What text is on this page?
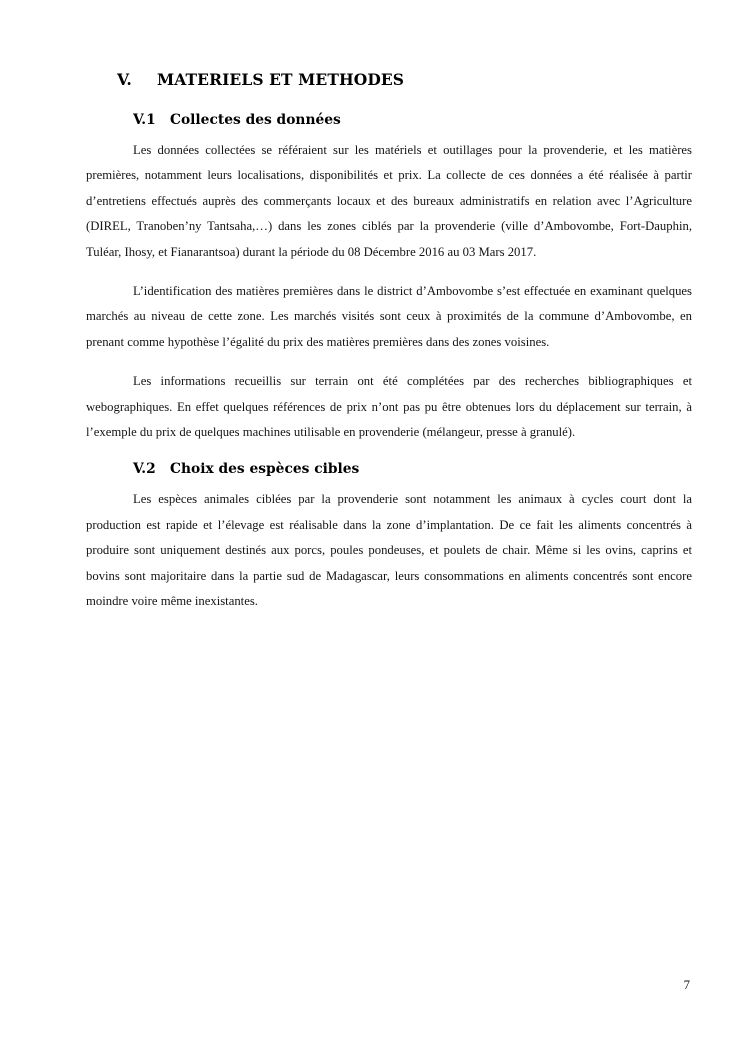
V.	MATERIELS ET METHODES
V.1	Collectes des données

Les données collectées se référaient sur les matériels et outillages pour la provenderie, et les matières premières, notamment leurs localisations, disponibilités et prix. La collecte de ces données a été réalisée à partir d’entretiens effectués auprès des commerçants locaux et des bureaux administratifs en relation avec l’Agriculture (DIREL, Tranoben’ny Tantsaha,…) dans les zones ciblés par la provenderie (ville d’Ambovombe, Fort-Dauphin, Tuléar, Ihosy, et Fianarantsoa) durant la période du 08 Décembre 2016 au 03 Mars 2017.

L’identification des matières premières dans le district d’Ambovombe s’est effectuée en examinant quelques marchés au niveau de cette zone. Les marchés visités sont ceux à proximités de la commune d’Ambovombe, en prenant comme hypothèse l’égalité du prix des matières premières dans des zones voisines.

Les informations recueillis sur terrain ont été complétées par des recherches bibliographiques et webographiques. En effet quelques références de prix n’ont pas pu être obtenues lors du déplacement sur terrain, à l’exemple du prix de quelques machines utilisable en provenderie (mélangeur, presse à granulé).

V.2	Choix des espèces cibles

Les espèces animales ciblées par la provenderie sont notamment les animaux à cycles court dont la production est rapide et l’élevage est réalisable dans la zone d’implantation. De ce fait les aliments concentrés à produire sont uniquement destinés aux porcs, poules pondeuses, et poulets de chair. Même si les ovins, caprins et bovins sont majoritaire dans la partie sud de Madagascar, leurs consommations en aliments concentrés sont encore moindre voire même inexistantes.

7
